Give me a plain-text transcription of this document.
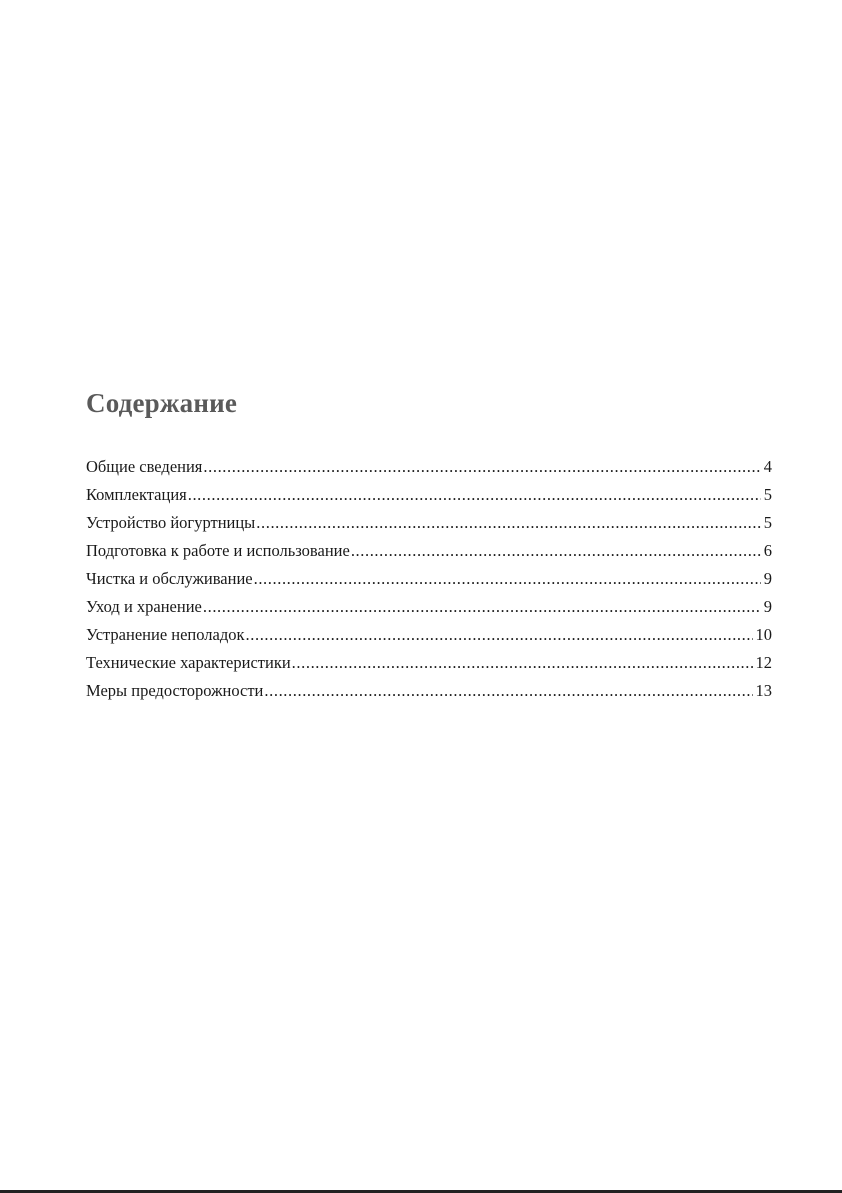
Содержание
Общие сведения .....	4
Комплектация .....	5
Устройство йогуртницы .....	5
Подготовка к работе и использование .....	6
Чистка и обслуживание .....	9
Уход и хранение .....	9
Устранение неполадок .....	10
Технические характеристики .....	12
Меры предосторожности .....	13
